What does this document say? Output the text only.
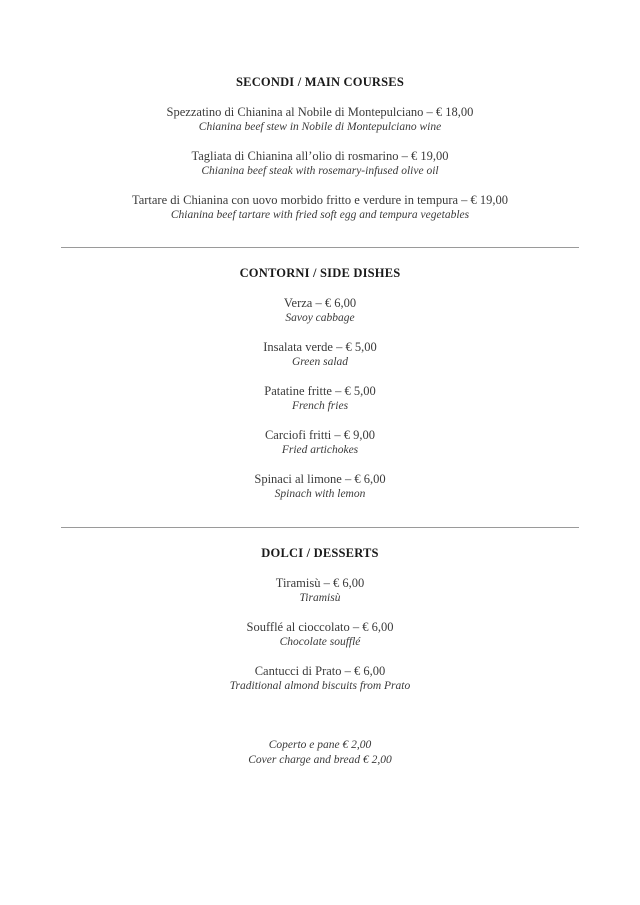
SECONDI / MAIN COURSES
Spezzatino di Chianina al Nobile di Montepulciano – € 18,00
Chianina beef stew in Nobile di Montepulciano wine
Tagliata di Chianina all’olio di rosmarino – € 19,00
Chianina beef steak with rosemary-infused olive oil
Tartare di Chianina con uovo morbido fritto e verdure in tempura – € 19,00
Chianina beef tartare with fried soft egg and tempura vegetables
CONTORNI / SIDE DISHES
Verza – € 6,00
Savoy cabbage
Insalata verde – € 5,00
Green salad
Patatine fritte – € 5,00
French fries
Carciofi fritti – € 9,00
Fried artichokes
Spinaci al limone – € 6,00
Spinach with lemon
DOLCI / DESSERTS
Tiramisù – € 6,00
Tiramisù
Soufflé al cioccolato – € 6,00
Chocolate soufflé
Cantucci di Prato – € 6,00
Traditional almond biscuits from Prato
Coperto e pane € 2,00
Cover charge and bread € 2,00
